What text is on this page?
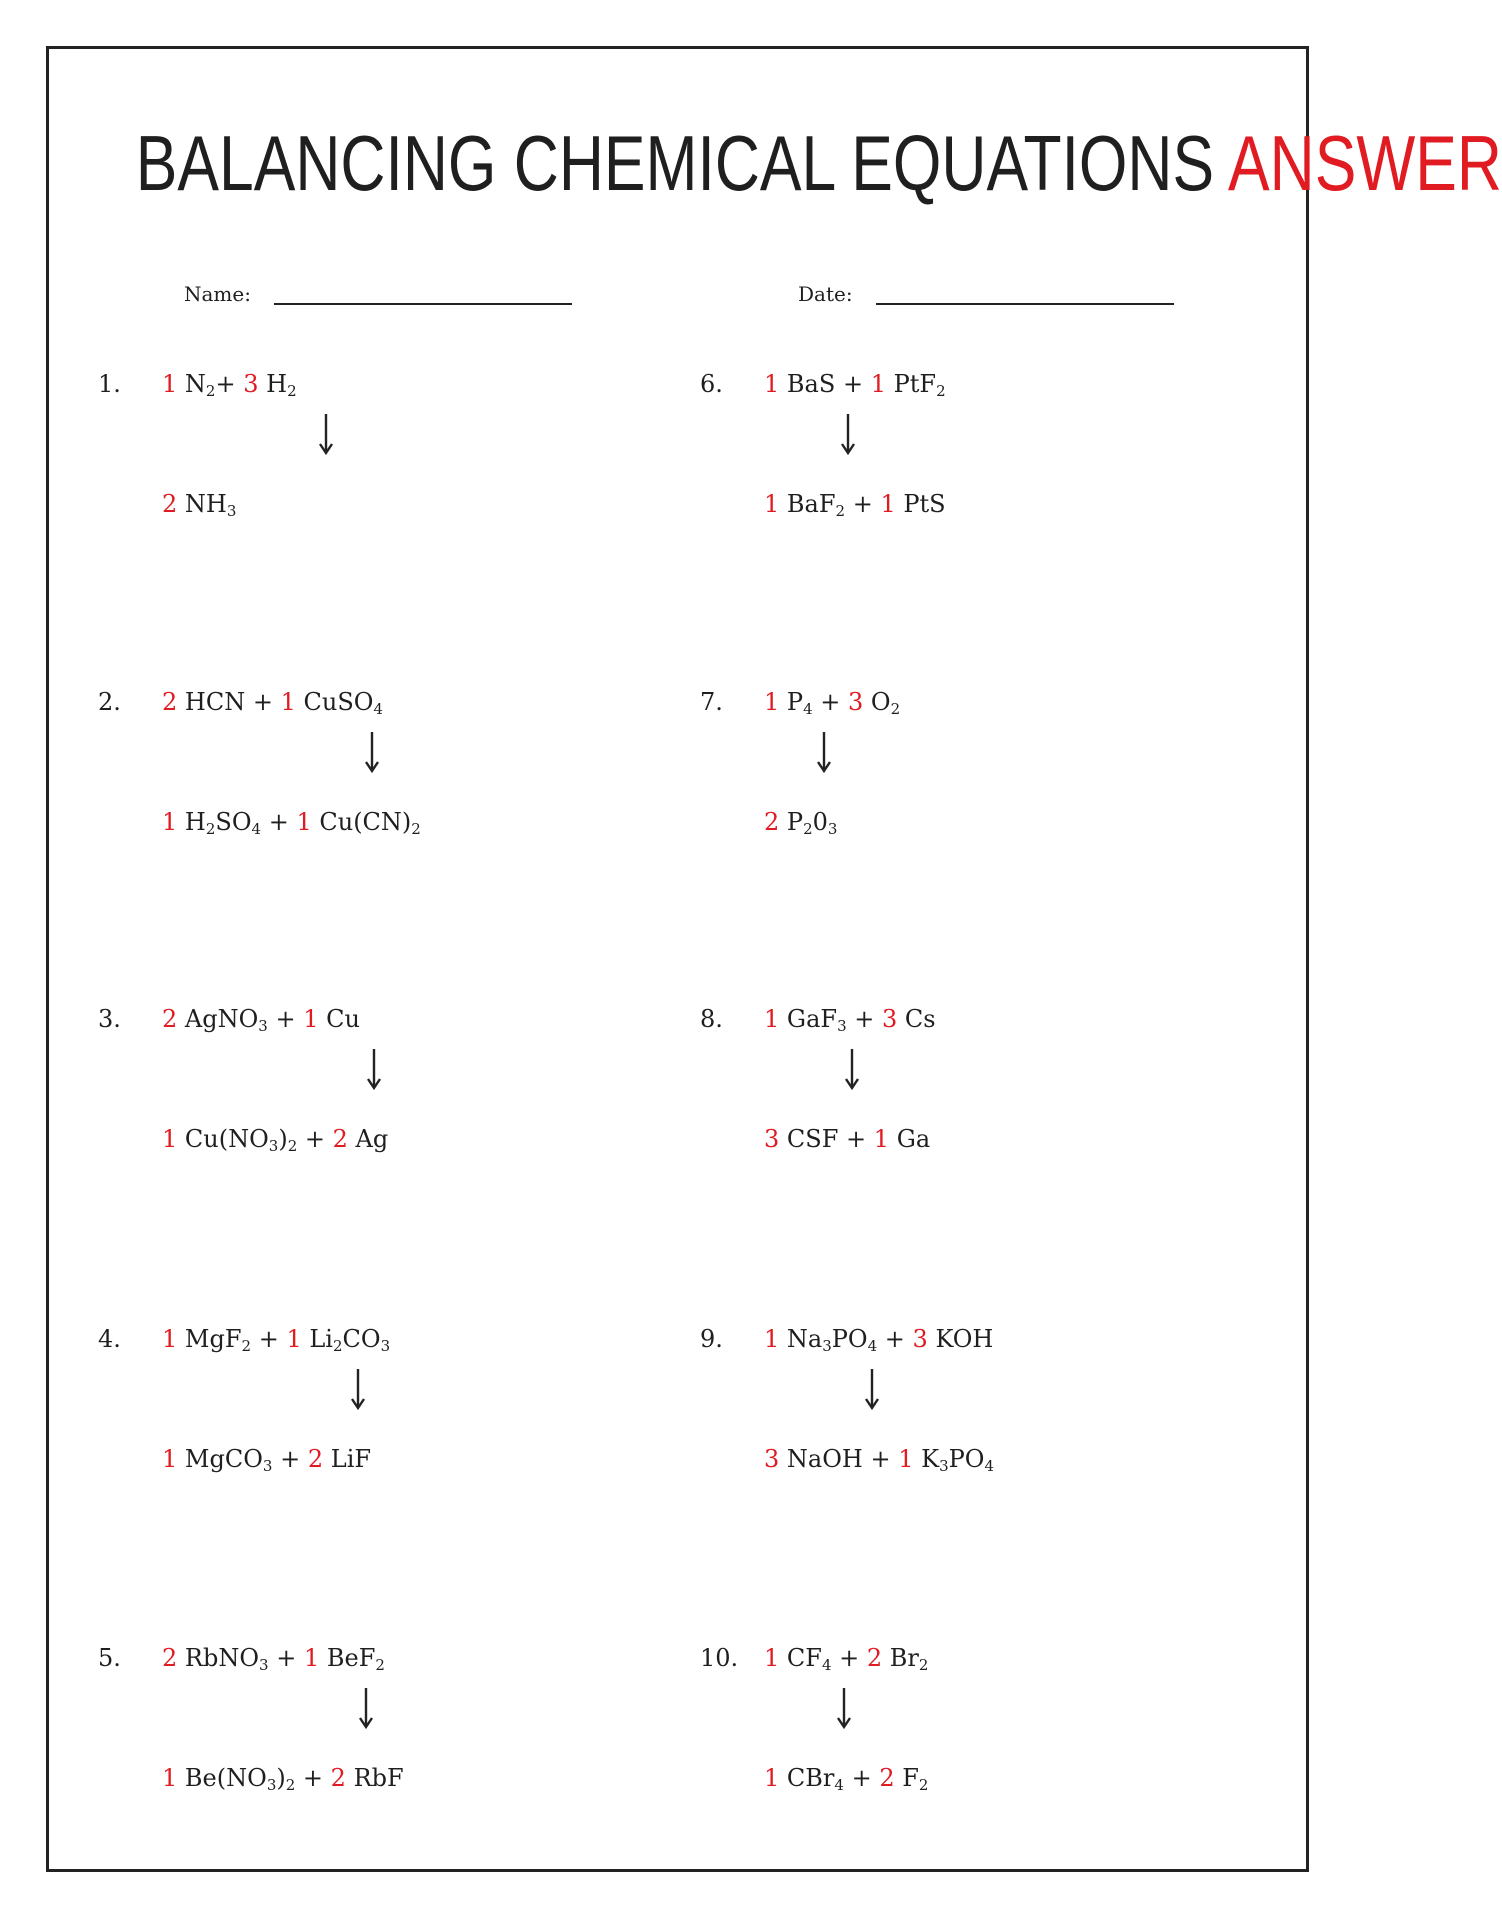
BALANCING CHEMICAL EQUATIONS ANSWER
Name:	Date:
1. 1 $N_2+ 3$ $H_2$
2 $NH_3$
2. 2 HCN + 1 CuSO$_4$
1 $H_2SO_4 + 1$ $Cu(CN)_2$
3. 2 AgNO$_3$ + 1 Cu
1 $Cu(NO_3)_2 + 2$ Ag
4. 1 MgF$_2$ + 1 $Li_2CO_3$
1 MgCO$_3$ + 2 LiF
5. 2 RbNO$_3$ + 1 BeF$_2$
1 $Be(NO_3)_2 + 2$ RbF
6. 1 BaS + 1 PtF$_2$
1 BaF$_2$ + 1 PtS
7. 1 $P_4 + 3$ $O_2$
2 $P_20_3$
8. 1 GaF$_3$ + 3 Cs
3 CSF + 1 Ga
9. 1 $Na_3PO_4 + 3$ KOH
3 NaOH + 1 $K_3PO_4$
10. 1 $CF_4 + 2$ $Br_2$
1 CBr$_4$ + 2 $F_2$
